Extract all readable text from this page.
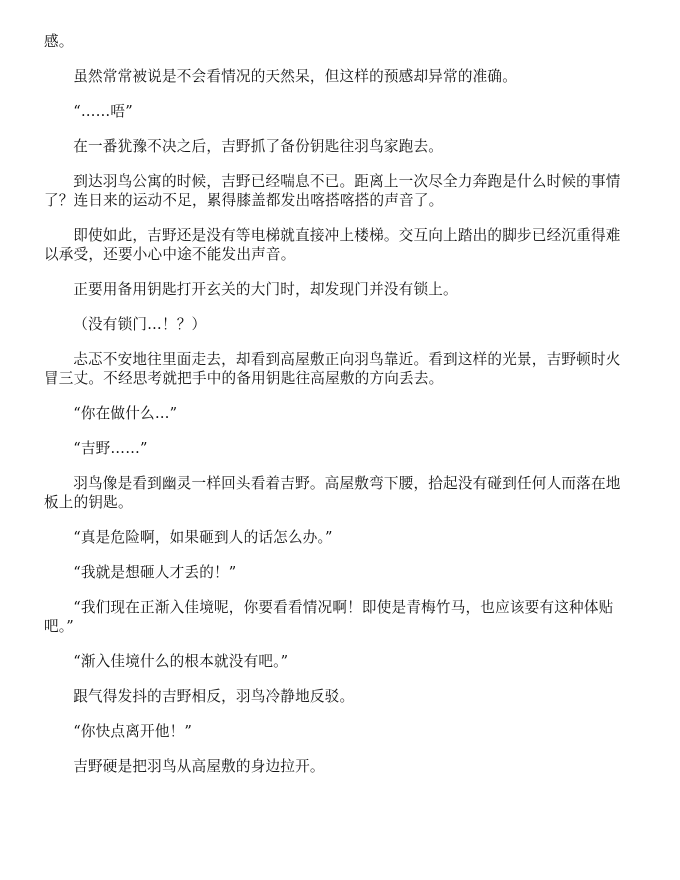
感。

虽然常常被说是不会看情况的天然呆，但这样的预感却异常的准确。

“……唔”

在一番犹豫不决之后，吉野抓了备份钥匙往羽鸟家跑去。

到达羽鸟公寓的时候，吉野已经喘息不已。距离上一次尽全力奔跑是什么时候的事情了？连日来的运动不足，累得膝盖都发出喀搭喀搭的声音了。

即使如此，吉野还是没有等电梯就直接冲上楼梯。交互向上踏出的脚步已经沉重得难以承受，还要小心中途不能发出声音。

正要用备用钥匙打开玄关的大门时，却发现门并没有锁上。

（没有锁门…！？）

忐忑不安地往里面走去，却看到高屋敷正向羽鸟靠近。看到这样的光景，吉野顿时火冒三丈。不经思考就把手中的备用钥匙往高屋敷的方向丢去。

“你在做什么…”

“吉野……”

羽鸟像是看到幽灵一样回头看着吉野。高屋敷弯下腰，拾起没有碰到任何人而落在地板上的钥匙。

“真是危险啊，如果砸到人的话怎么办。”

“我就是想砸人才丢的！”

“我们现在正渐入佳境呢，你要看看情况啊！即使是青梅竹马，也应该要有这种体贴吧。”

“渐入佳境什么的根本就没有吧。”

跟气得发抖的吉野相反，羽鸟冷静地反驳。

“你快点离开他！”

吉野硬是把羽鸟从高屋敷的身边拉开。
